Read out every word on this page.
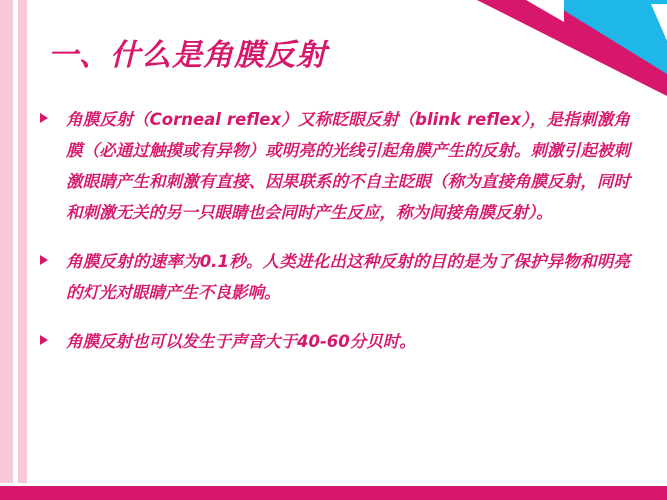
一、什么是角膜反射
角膜反射（Corneal reflex）又称眨眼反射（blink reflex），是指刺激角膜（必通过触摸或有异物）或明亮的光线引起角膜产生的反射。刺激引起被刺激眼睛产生和刺激有直接、因果联系的不自主眨眼（称为直接角膜反射，同时和刺激无关的另一只眼睛也会同时产生反应，称为间接角膜反射）。
角膜反射的速率为0.1秒。人类进化出这种反射的目的是为了保护异物和明亮的灯光对眼睛产生不良影响。
角膜反射也可以发生于声音大于40-60分贝时。
